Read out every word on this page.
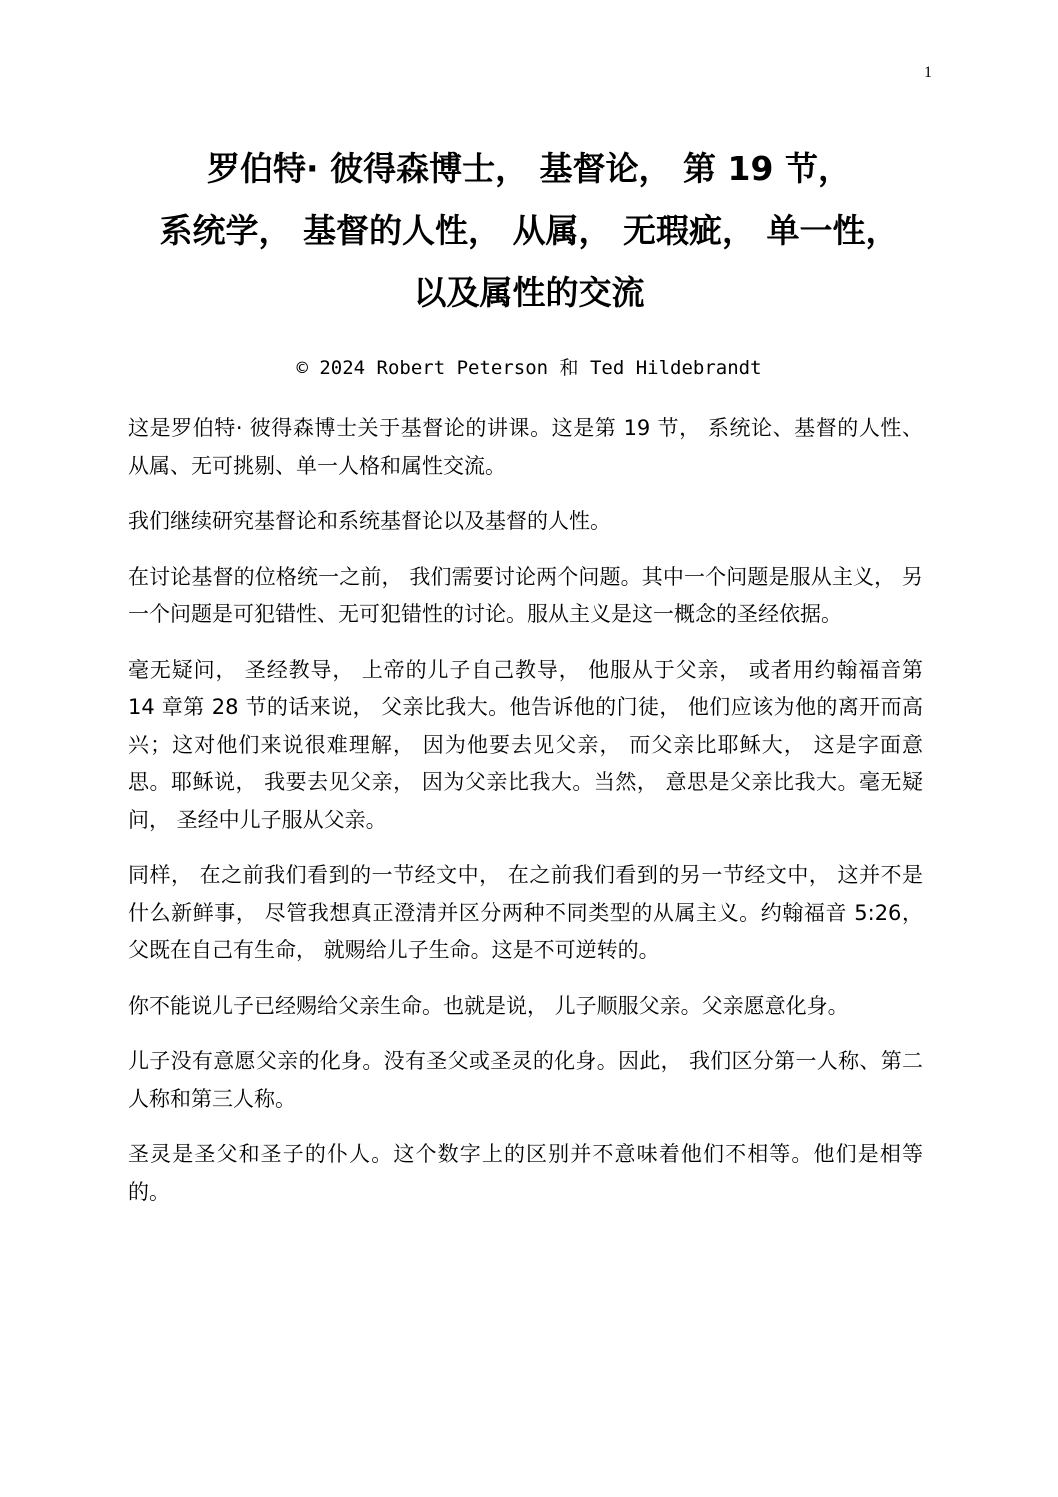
1
罗伯特· 彼得森博士， 基督论， 第 19 节，
系统学， 基督的人性， 从属， 无瑕疵， 单一性，
以及属性的交流
© 2024 Robert Peterson 和 Ted Hildebrandt

这是罗伯特· 彼得森博士关于基督论的讲课。这是第 19 节， 系统论、基督的人性、从属、无可挑剔、单一人格和属性交流。

我们继续研究基督论和系统基督论以及基督的人性。

在讨论基督的位格统一之前， 我们需要讨论两个问题。其中一个问题是服从主义， 另一个问题是可犯错性、无可犯错性的讨论。服从主义是这一概念的圣经依据。

毫无疑问， 圣经教导， 上帝的儿子自己教导， 他服从于父亲， 或者用约翰福音第 14 章第 28 节的话来说， 父亲比我大。他告诉他的门徒， 他们应该为他的离开而高兴；这对他们来说很难理解， 因为他要去见父亲， 而父亲比耶稣大， 这是字面意思。耶稣说， 我要去见父亲， 因为父亲比我大。当然， 意思是父亲比我大。毫无疑问， 圣经中儿子服从父亲。

同样， 在之前我们看到的一节经文中， 在之前我们看到的另一节经文中， 这并不是什么新鲜事， 尽管我想真正澄清并区分两种不同类型的从属主义。约翰福音 5:26， 父既在自己有生命， 就赐给儿子生命。这是不可逆转的。

你不能说儿子已经赐给父亲生命。也就是说， 儿子顺服父亲。父亲愿意化身。

儿子没有意愿父亲的化身。没有圣父或圣灵的化身。因此， 我们区分第一人称、第二人称和第三人称。

圣灵是圣父和圣子的仆人。这个数字上的区别并不意味着他们不相等。他们是相等的。
